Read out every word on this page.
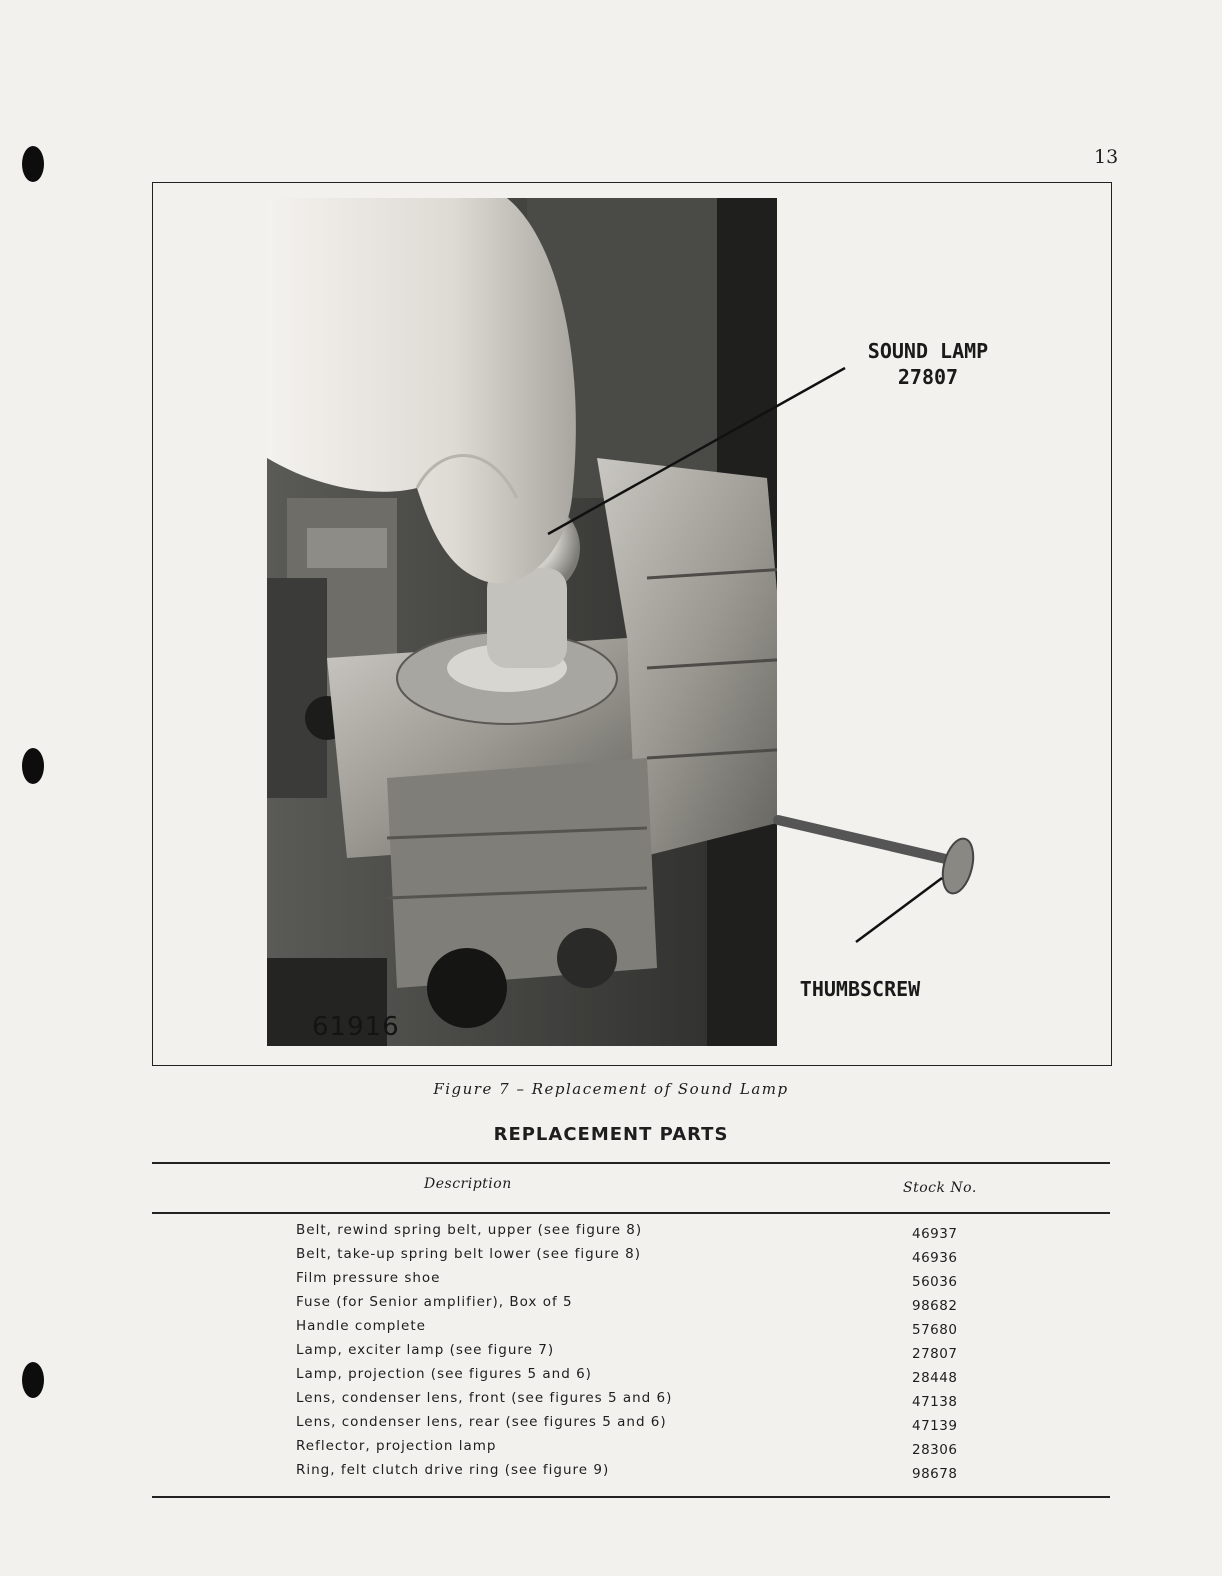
13
61916
SOUND LAMP
27807
THUMBSCREW
Figure 7 – Replacement of Sound Lamp
REPLACEMENT PARTS
Description	Stock No.
Belt, rewind spring belt, upper (see figure 8)	46937
Belt, take-up spring belt lower (see figure 8)	46936
Film pressure shoe	56036
Fuse (for Senior amplifier), Box of 5	98682
Handle complete	57680
Lamp, exciter lamp (see figure 7)	27807
Lamp, projection (see figures 5 and 6)	28448
Lens, condenser lens, front (see figures 5 and 6)	47138
Lens, condenser lens, rear (see figures 5 and 6)	47139
Reflector, projection lamp	28306
Ring, felt clutch drive ring (see figure 9)	98678
